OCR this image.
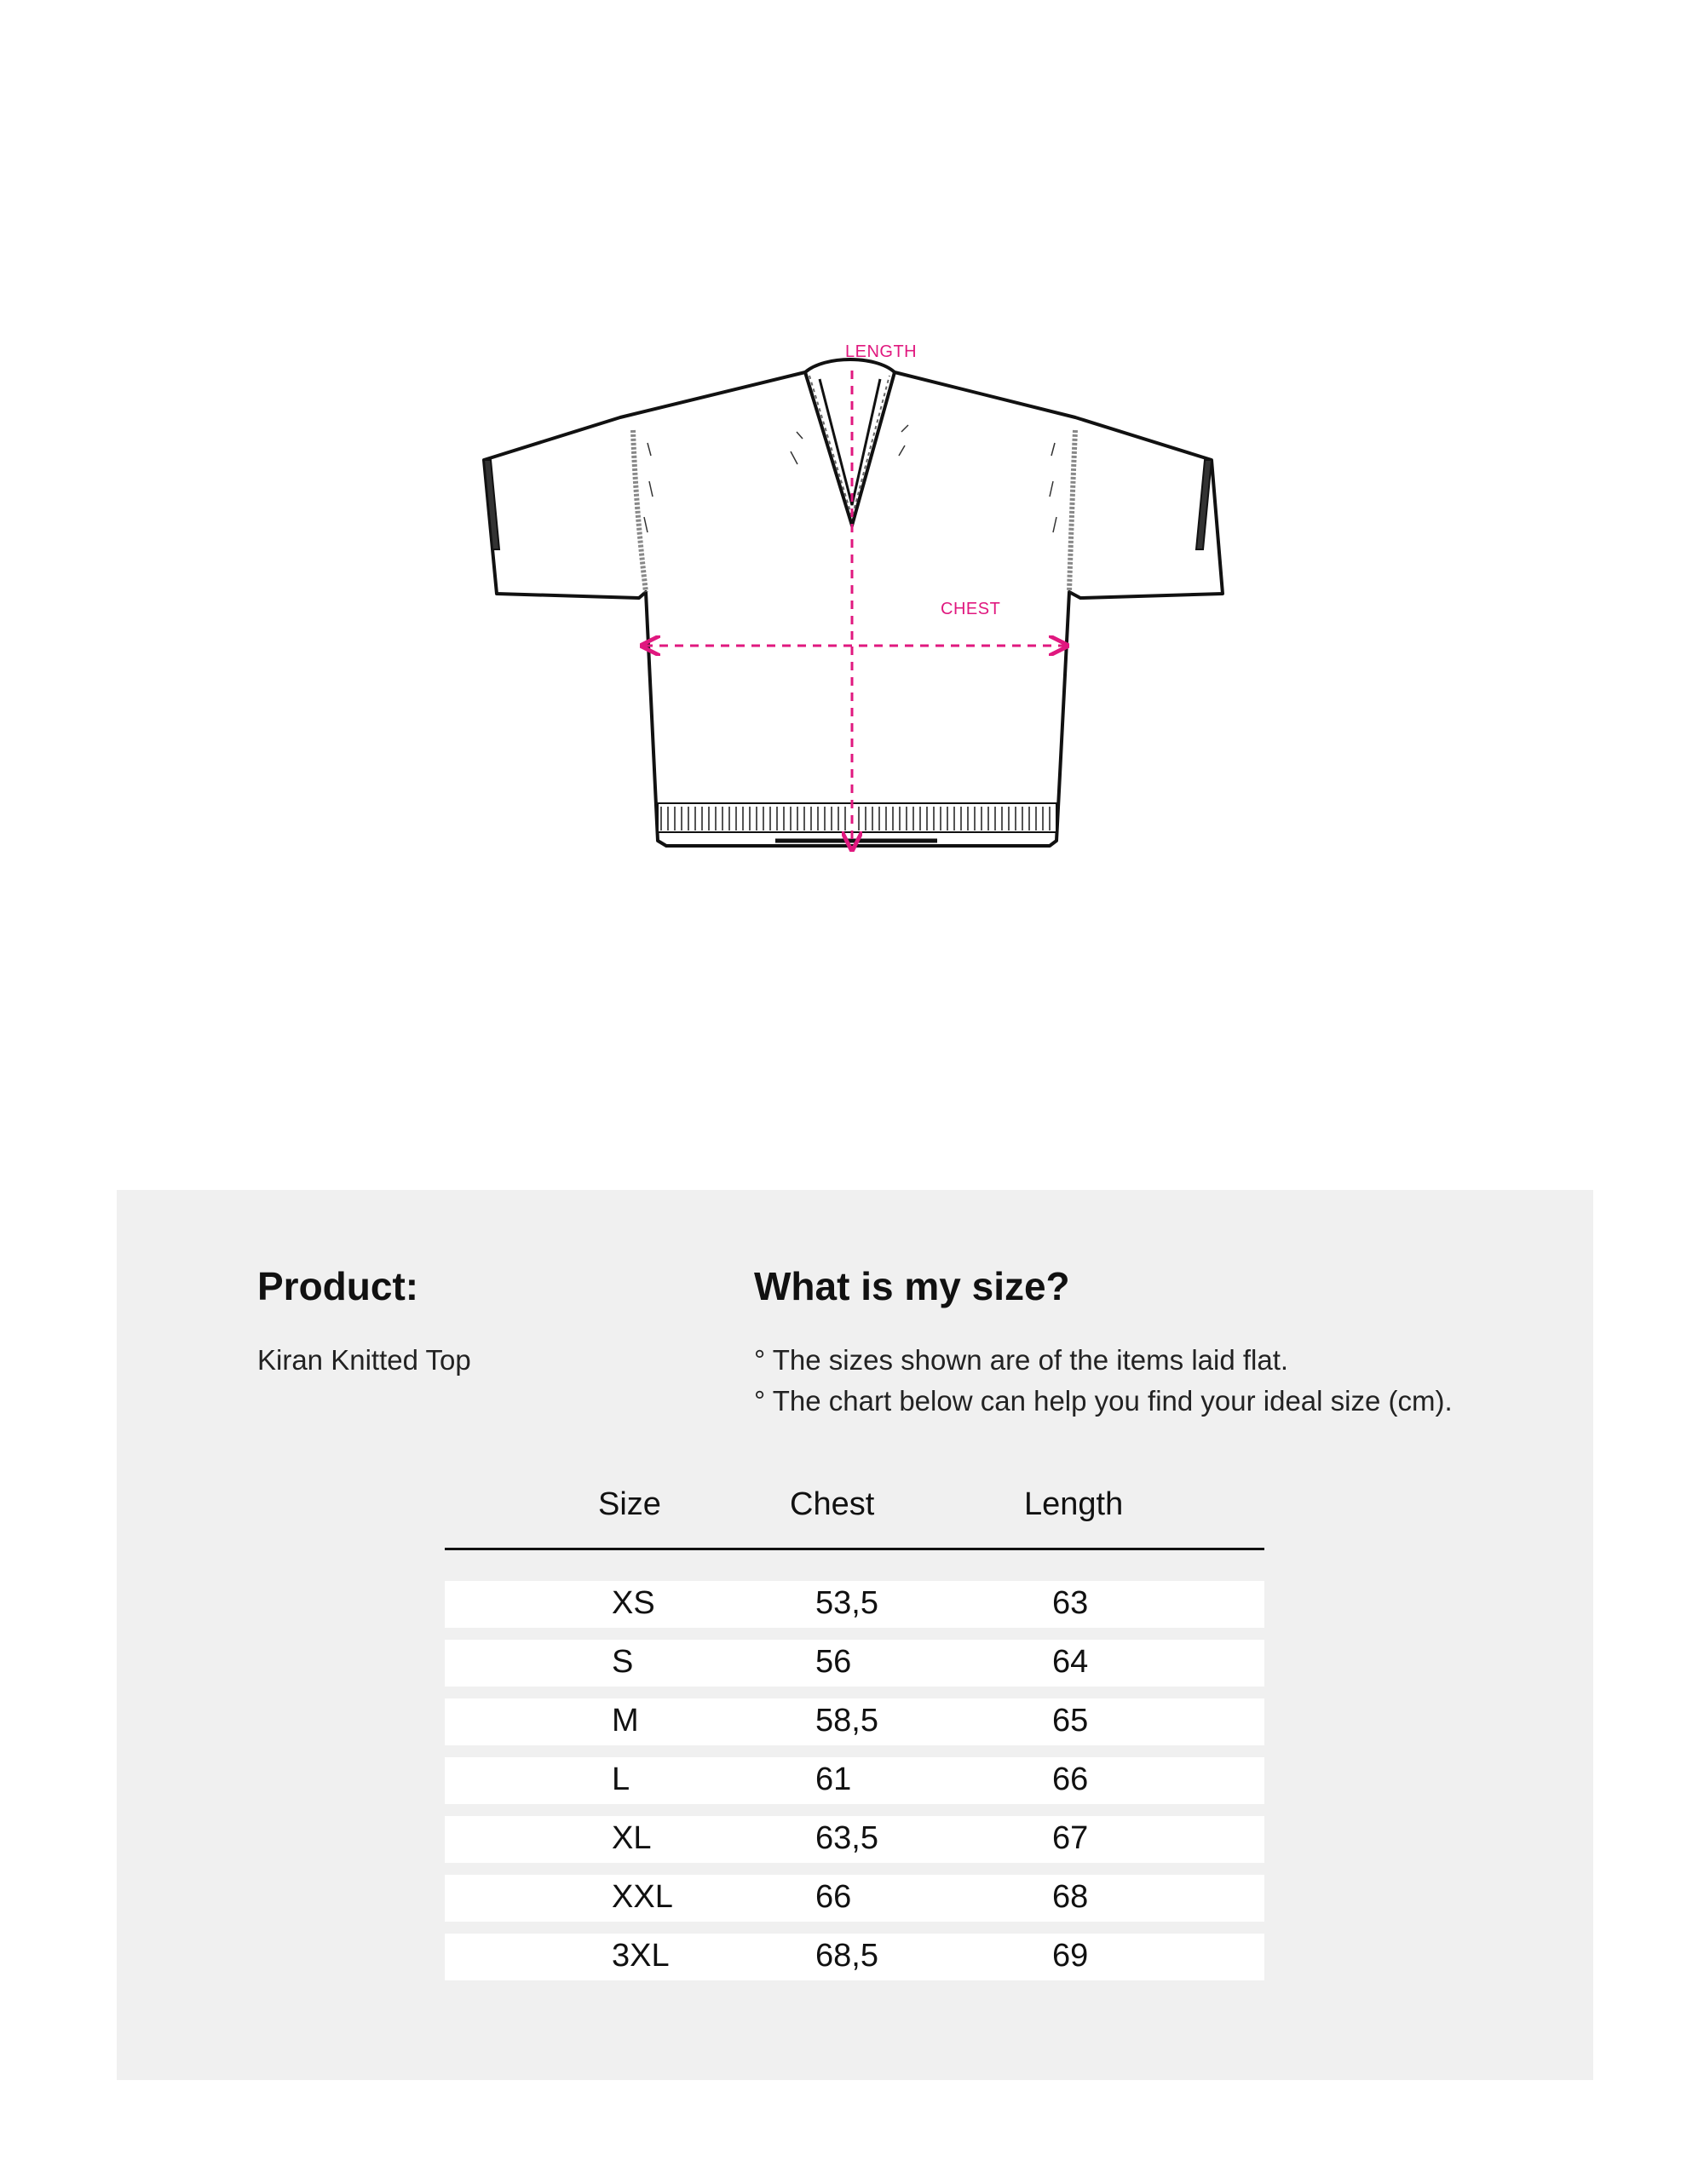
LENGTH
CHEST
Product:
Kiran Knitted Top
What is my size?
° The sizes shown are of the items laid flat.
° The chart below can help you find your ideal size (cm).
Size	Chest	Length
XS	53,5	63
S	56	64
M	58,5	65
L	61	66
XL	63,5	67
XXL	66	68
3XL	68,5	69
